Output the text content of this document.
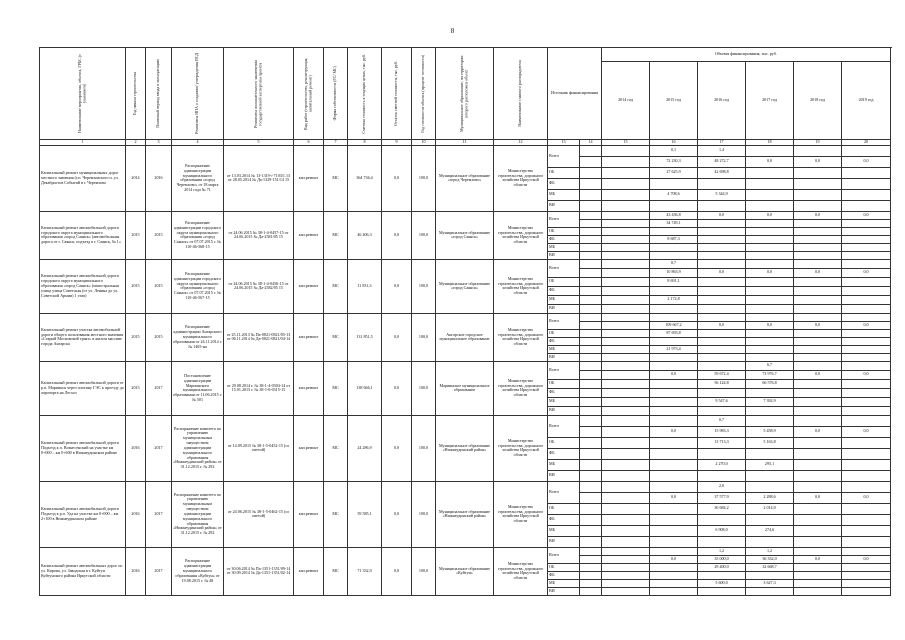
8
Наименование мероприятия, объекта, ГРБС (с указанием)	Год начала строительства	Плановый период ввода в эксплуатацию	Реквизиты НПА о создании/ утверждении ПСД	Реквизиты положительного заключения государственной экспертизы проекта	Вид работ (строительство, реконструкция, капитальный ремонт)	Форма собственности (ГС/ МС)	Сметная стоимость в текущих ценах, тыс. руб.	Остаток сметной стоимости, тыс. руб.	Год готовности объекта (процент готовности)	Муниципальное образование, на территории которого расположен объект	Наименование главного распорядителя	Источник финансирования		Объемы финансирования, тыс. руб.						
														2014 год	2015 год	2016 год	2017 год	2018 год	2019 год	
1	2	3	4	5	6	7	8	9	10	11	12	13	14	15	16	17	18	19	20	
Капитальный ремонт муниципальных дорог местного значения (г.п. Черемховского п. ул. Декабристов Событий в г. Черемхово	2014	2016	Распоряжение администрации муниципального образования «город Черемхово» от 18 марта 2014 года № 71	от 13.03.2014 № 13-1319-/-7103/1.13 от 28.05.2014 № Да-1329-151/14 15	кап.ремонт	МС	364 736,4	0,0	100,0	Муниципальное образование «город Черемхово»	Министерство строительства, дорожного хозяйства Иркутской области	Всего			0,1	1,4				
															72 230,3	48 272,7	0,0	0,0	0,0	
												ОБ			27 625,9	42 698,8				
												ФБ								
												МБ			4 708,6	5 344,9				
												ВИ								
Капитальный ремонт автомобильной дороги городского округа муниципального образования «город Саянск» (автомобильная дорога от г. Саянск, подъезд к г. Саянск, № 1»	2015	2015	Распоряжение администрации городского округа муниципального образования «город Саянск» от 07.07.2015 г. № 110-46-568-15	от 24.06.2015 № 38-1-4-0457-15 от 24.06.2015 № Да-2581/05 15	кап.ремонт	МС	46 406,3	0,0	100,0	Муниципальное образование «город Саянск»	Министерство строительства, дорожного хозяйства Иркутской области	Всего			43 436,8	0,0	0,0	0,0	0,0	
															34 749,1					
												ОБ								
												ФБ			8 687,3					
												МБ								
												ВИ								
Капитальный ремонт автомобильной дороги городского округа муниципального образования «город Саянск» (магистральная улица улица Советская (от ул. Ленина до ул. Советской Армии) 1 этап)	2015	2015	Распоряжение администрации городского округа муниципального образования «город Саянск» от 07.07.2015 г. № 110-46-567-15	от 24.06.2015 № 38-1-4-0456-15 от 24.06.2015 № Да-2582/05 15	кап.ремонт	МС	11 831,3	0,0	100,0	Муниципальное образование «город Саянск»	Министерство строительства, дорожного хозяйства Иркутской области	Всего			0,7					
															10 863,9	0,0	0,0	0,0	0,0	
												ОБ			8 691,1					
												ФБ								
												МБ			2 172,8					
												ВИ								
Капитальный ремонт участка автомобильной дороги общего пользования местного значения «Старый Московский тракт» в жилом массиве города Ангарска	2015	2015	Распоряжение администрации Ангарского муниципального образования от 24.11.2014 г. № 1465-на	от 25.11.2013 № Па-0821-0821/05-13 от 06.11.2014 № Да-0821-0821/04-14	кап.ремонт	МС	131 851,5	0,0	100,0	Ангарское городское муниципальное образование	Министерство строительства, дорожного хозяйства Иркутской области	Всего								
															109 667,2	0,0	0,0	0,0	0,0	
												ОБ			87 693,8					
												ФБ								
												МБ			21 973,4					
												ВИ								
Капитальный ремонт автомобильной дороги от р.п. Мариинск через плотину ГЭС к проезду до аэропорта на Лесхоз	2015	2017	Постановление администрации Мариинского муниципального образования от 11.06.2015 г. № 501	от 29.08.2014 г. № 38-1-4-0304-14 от 15.01.2015 г. № 38-1-6-0315-15	кап.ремонт	МС	138 666,1	0,0	100,0	Мариинское муниципальное образование	Министерство строительства, дорожного хозяйства Иркутской области	Всего					6,7			
															0,0	59 672,4	73 976,7	0,0	0,0	
												ОБ				56 124,8	66 576,8			
												ФБ								
												МБ				9 547,6	7 392,9			
												ВИ								
Капитальный ремонт автомобильной дороги Подъезд к п. Вознесенский на участке км 0+000 – км 0+600 в Нижнеудинском районе	2016	2017	Распоряжение комитета по управлению муниципальным имуществом администрации муниципального образования «Нижнеудинский район» от 31.12.2015 г. № 292	от 14.09.2015 № 38-1-5-0452-15 (со сметой)	кап.ремонт	МС	24 286,9	0,0	100,0	Муниципальное образование «Нижнеудинский район»	Министерство строительства, дорожного хозяйства Иркутской области	Всего				0,7				
															0,0	15 983,3	5 458,9	0,0	0,0	
												ОБ				13 713,3	5 163,8			
												ФБ								
												МБ				2 270,0	295,1			
												ВИ								
Капитальный ремонт автомобильной дороги Подъезд к р.п. Уда на участке км 0+000 – км 2+100 в Нижнеудинском районе	2016	2017	Распоряжение комитета по управлению муниципальным имуществом администрации муниципального образования «Нижнеудинский район» от 31.12.2015 г. № 292	от 24.06.2015 № 38-1-5-0462-15 (со сметой)	кап.ремонт	МС	59 585,1	0,0	100,0	Муниципальное образование «Нижнеудинский район»	Министерство строительства, дорожного хозяйства Иркутской области	Всего				2,0				
															0,0	37 577,9	2 288,6	0,0	0,0	
												ОБ				30 684,2	2 014,9			
												ФБ								
												МБ				6 908,0	274,6			
												ВИ								
Капитальный ремонт автомобильных дорог по ул. Кирова, ул. Заводская в г. Куйтун Куйтунского района Иркутской области	2016	2017	Распоряжение администрации муниципального образования «Куйтун» от 19.08.2015 г. № 48	от 30.06.2014 № Па-1351-1351/09-14 от 30.09.2014 № Да-1351-1351/02-14	кап.ремонт	МС	71 332,0	0,0	100,0	Муниципальное образование «Куйтун»	Министерство строительства, дорожного хозяйства Иркутской области	Всего				1,2	1,2			
															0,0	35 000,0	36 332,0	0,0	0,0	
												ОБ				29 400,0	32 668,7			
												ФБ								
												МБ				5 600,0	3 627,3			
												ВИ								
